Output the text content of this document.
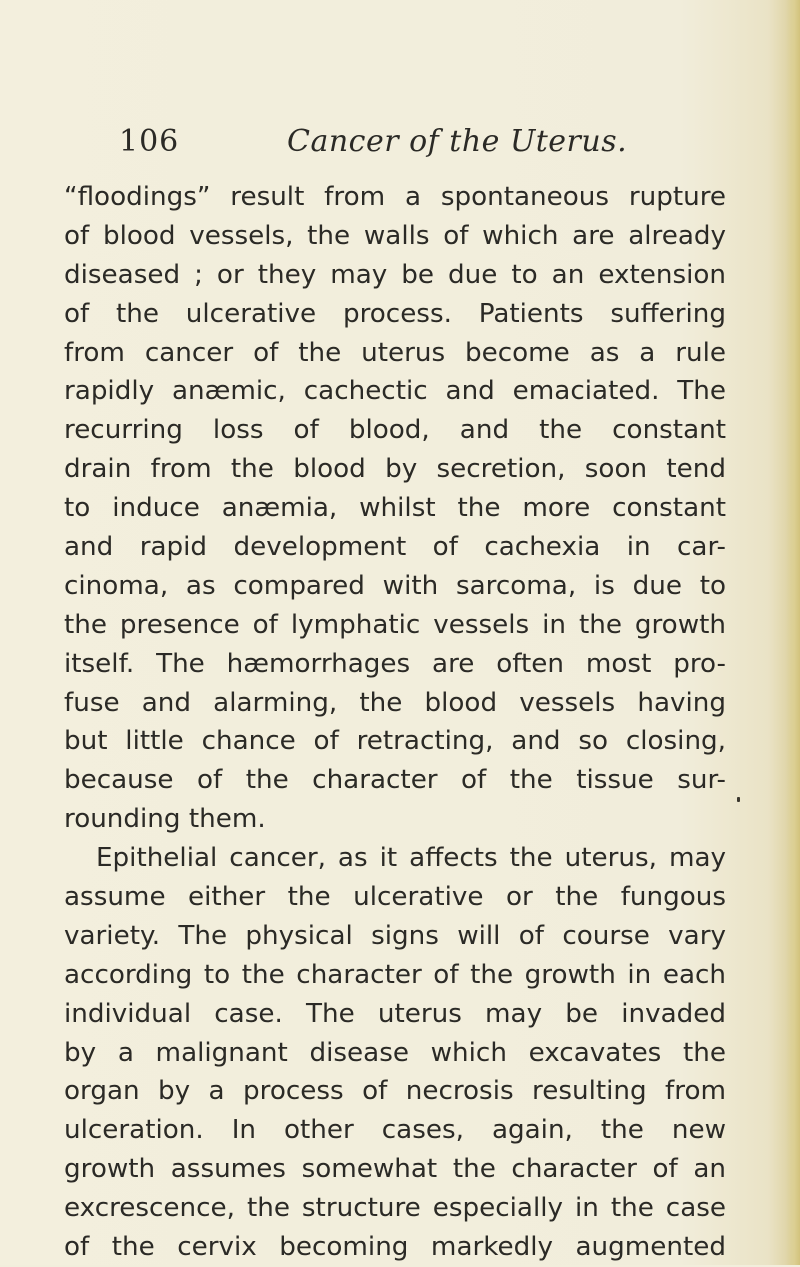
106	Cancer of the Uterus.
“floodings” result from a spontaneous rupture
of blood vessels, the walls of which are already
diseased ; or they may be due to an extension
of the ulcerative process. Patients suffering
from cancer of the uterus become as a rule
rapidly anæmic, cachectic and emaciated. The
recurring loss of blood, and the constant
drain from the blood by secretion, soon tend
to induce anæmia, whilst the more constant
and rapid development of cachexia in car-
cinoma, as compared with sarcoma, is due to
the presence of lymphatic vessels in the growth
itself. The hæmorrhages are often most pro-
fuse and alarming, the blood vessels having
but little chance of retracting, and so closing,
because of the character of the tissue sur-
rounding them.
Epithelial cancer, as it affects the uterus, may
assume either the ulcerative or the fungous
variety. The physical signs will of course vary
according to the character of the growth in each
individual case. The uterus may be invaded
by a malignant disease which excavates the
organ by a process of necrosis resulting from
ulceration. In other cases, again, the new
growth assumes somewhat the character of an
excrescence, the structure especially in the case
of the cervix becoming markedly augmented
